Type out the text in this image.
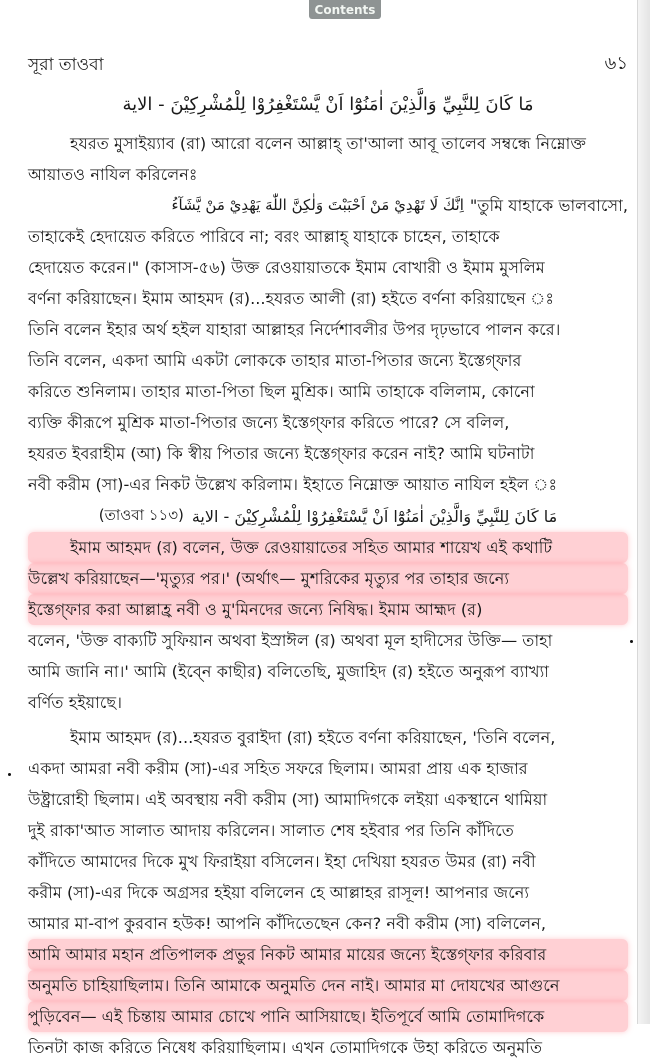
Contents
সূরা তাওবা	৬১
مَا كَانَ لِلنَّبِيِّ وَالَّذِيْنَ اٰمَنُوْٓا اَنْ يَّسْتَغْفِرُوْا لِلْمُشْرِكِيْنَ - الاية
হযরত মুসাইয়্যাব (রা) আরো বলেন আল্লাহ্ তা'আলা আবূ তালেব সম্বন্ধে নিম্নোক্ত
আয়াতও নাযিল করিলেনঃ
اِنَّكَ لَا تَهْدِيْ مَنْ اَحْبَبْتَ وَلٰكِنَّ اللّٰهَ يَهْدِيْ مَنْ يَّشَآءُ "তুমি যাহাকে ভালবাসো,
তাহাকেই হেদায়েত করিতে পারিবে না; বরং আল্লাহ্ যাহাকে চাহেন, তাহাকে
হেদায়েত করেন।" (কাসাস-৫৬) উক্ত রেওয়ায়াতকে ইমাম বোখারী ও ইমাম মুসলিম
বর্ণনা করিয়াছেন। ইমাম আহমদ (র)...হযরত আলী (রা) হইতে বর্ণনা করিয়াছেন ঃ
তিনি বলেন ইহার অর্থ হইল যাহারা আল্লাহর নির্দেশাবলীর উপর দৃঢ়ভাবে পালন করে।
তিনি বলেন, একদা আমি একটা লোককে তাহার মাতা-পিতার জন্যে ইস্তেগ্ফার
করিতে শুনিলাম। তাহার মাতা-পিতা ছিল মুশ্রিক। আমি তাহাকে বলিলাম, কোনো
ব্যক্তি কীরূপে মুশ্রিক মাতা-পিতার জন্যে ইস্তেগ্ফার করিতে পারে? সে বলিল,
হযরত ইবরাহীম (আ) কি স্বীয় পিতার জন্যে ইস্তেগ্ফার করেন নাই? আমি ঘটনাটা
নবী করীম (সা)-এর নিকট উল্লেখ করিলাম। ইহাতে নিম্নোক্ত আয়াত নাযিল হইল ঃ
(তাওবা ১১৩) مَا كَانَ لِلنَّبِيِّ وَالَّذِيْنَ اٰمَنُوْٓا اَنْ يَّسْتَغْفِرُوْا لِلْمُشْرِكِيْنَ - الاية
ইমাম আহমদ (র) বলেন, উক্ত রেওয়ায়াতের সহিত আমার শায়েখ এই কথাটি
উল্লেখ করিয়াছেন—'মৃত্যুর পর।' (অর্থাৎ— মুশরিকের মৃত্যুর পর তাহার জন্যে
ইস্তেগ্ফার করা আল্লাহ্র নবী ও মু'মিনদের জন্যে নিষিদ্ধ। ইমাম আহ্মদ (র)
বলেন, 'উক্ত বাক্যটি সুফিয়ান অথবা ইস্রাঈল (র) অথবা মূল হাদীসের উক্তি— তাহা
আমি জানি না।' আমি (ইব্নে কাছীর) বলিতেছি, মুজাহিদ (র) হইতে অনুরূপ ব্যাখ্যা
বর্ণিত হইয়াছে।
ইমাম আহমদ (র)...হযরত বুরাইদা (রা) হইতে বর্ণনা করিয়াছেন, 'তিনি বলেন,
একদা আমরা নবী করীম (সা)-এর সহিত সফরে ছিলাম। আমরা প্রায় এক হাজার
উষ্ট্রারোহী ছিলাম। এই অবস্থায় নবী করীম (সা) আমাদিগকে লইয়া একস্থানে থামিয়া
দুই রাকা'আত সালাত আদায় করিলেন। সালাত শেষ হইবার পর তিনি কাঁদিতে
কাঁদিতে আমাদের দিকে মুখ ফিরাইয়া বসিলেন। ইহা দেখিয়া হযরত উমর (রা) নবী
করীম (সা)-এর দিকে অগ্রসর হইয়া বলিলেন হে আল্লাহর রাসূল! আপনার জন্যে
আমার মা-বাপ কুরবান হউক! আপনি কাঁদিতেছেন কেন? নবী করীম (সা) বলিলেন,
আমি আমার মহান প্রতিপালক প্রভুর নিকট আমার মায়ের জন্যে ইস্তেগ্ফার করিবার
অনুমতি চাহিয়াছিলাম। তিনি আমাকে অনুমতি দেন নাই। আমার মা দোযখের আগুনে
পুড়িবেন— এই চিন্তায় আমার চোখে পানি আসিয়াছে। ইতিপূর্বে আমি তোমাদিগকে
তিনটা কাজ করিতে নিষেধ করিয়াছিলাম। এখন তোমাদিগকে উহা করিতে অনুমতি
